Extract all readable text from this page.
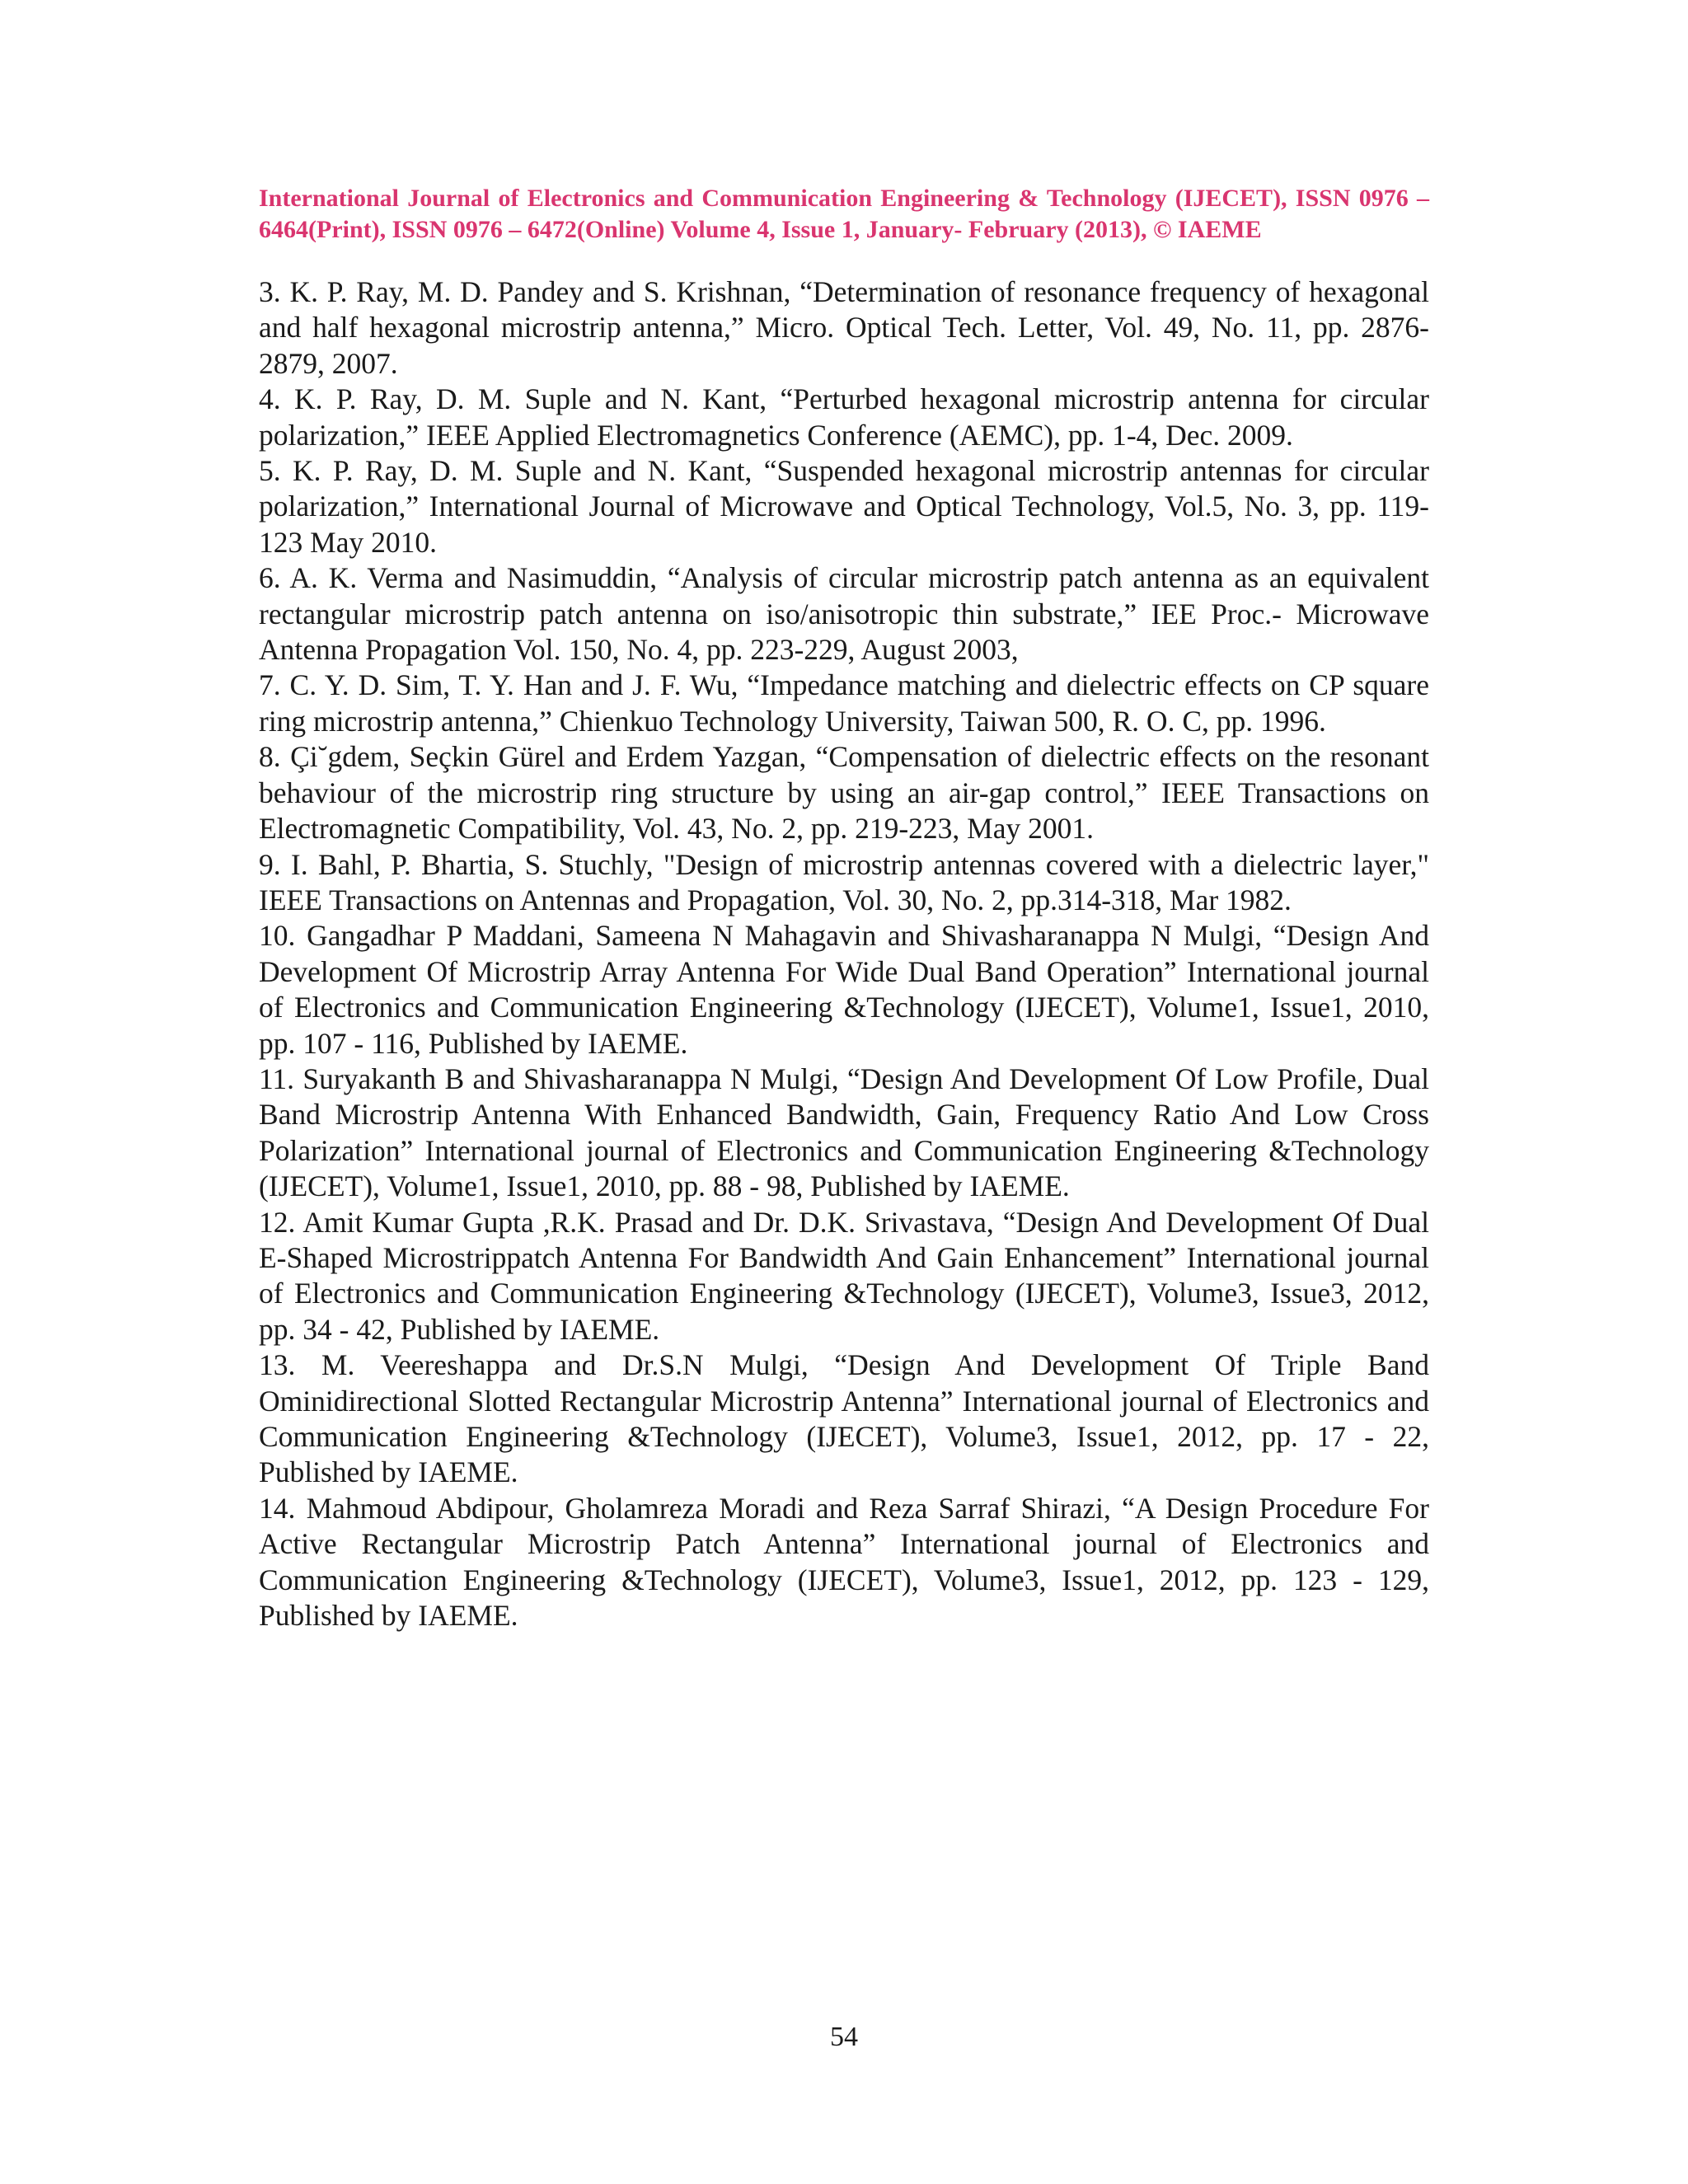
International Journal of Electronics and Communication Engineering & Technology (IJECET), ISSN 0976 – 6464(Print), ISSN 0976 – 6472(Online) Volume 4, Issue 1, January- February (2013), © IAEME
3. K. P. Ray, M. D. Pandey and S. Krishnan, “Determination of resonance frequency of hexagonal and half hexagonal microstrip antenna,” Micro. Optical Tech. Letter, Vol. 49, No. 11, pp. 2876-2879, 2007.
4. K. P. Ray, D. M. Suple and N. Kant, “Perturbed hexagonal microstrip antenna for circular polarization,” IEEE Applied Electromagnetics Conference (AEMC), pp. 1-4, Dec. 2009.
5. K. P. Ray, D. M. Suple and N. Kant, “Suspended hexagonal microstrip antennas for circular polarization,” International Journal of Microwave and Optical Technology, Vol.5, No. 3, pp. 119-123 May 2010.
6. A. K. Verma and Nasimuddin, “Analysis of circular microstrip patch antenna as an equivalent rectangular microstrip patch antenna on iso/anisotropic thin substrate,” IEE Proc.- Microwave Antenna Propagation Vol. 150, No. 4, pp. 223-229, August 2003,
7. C. Y. D. Sim, T. Y. Han and J. F. Wu, “Impedance matching and dielectric effects on CP square ring microstrip antenna,” Chienkuo Technology University, Taiwan 500, R. O. C, pp. 1996.
8. Çi˘gdem, Seçkin Gürel and Erdem Yazgan, “Compensation of dielectric effects on the resonant behaviour of the microstrip ring structure by using an air-gap control,” IEEE Transactions on Electromagnetic Compatibility, Vol. 43, No. 2, pp. 219-223, May 2001.
9. I. Bahl, P. Bhartia, S. Stuchly, "Design of microstrip antennas covered with a dielectric layer," IEEE Transactions on Antennas and Propagation, Vol. 30, No. 2, pp.314-318, Mar 1982.
10. Gangadhar P Maddani, Sameena N Mahagavin and Shivasharanappa N Mulgi, “Design And Development Of Microstrip Array Antenna For Wide Dual Band Operation” International journal of Electronics and Communication Engineering &Technology (IJECET), Volume1, Issue1, 2010, pp. 107 - 116, Published by IAEME.
11. Suryakanth B and Shivasharanappa N Mulgi, “Design And Development Of Low Profile, Dual Band Microstrip Antenna With Enhanced Bandwidth, Gain, Frequency Ratio And Low Cross Polarization” International journal of Electronics and Communication Engineering &Technology (IJECET), Volume1, Issue1, 2010, pp. 88 - 98, Published by IAEME.
12. Amit Kumar Gupta ,R.K. Prasad and Dr. D.K. Srivastava, “Design And Development Of Dual E-Shaped Microstrippatch Antenna For Bandwidth And Gain Enhancement” International journal of Electronics and Communication Engineering &Technology (IJECET), Volume3, Issue3, 2012, pp. 34 - 42, Published by IAEME.
13. M. Veereshappa and Dr.S.N Mulgi, “Design And Development Of Triple Band Ominidirectional Slotted Rectangular Microstrip Antenna” International journal of Electronics and Communication Engineering &Technology (IJECET), Volume3, Issue1, 2012, pp. 17 - 22, Published by IAEME.
14. Mahmoud Abdipour, Gholamreza Moradi and Reza Sarraf Shirazi, “A Design Procedure For Active Rectangular Microstrip Patch Antenna” International journal of Electronics and Communication Engineering &Technology (IJECET), Volume3, Issue1, 2012, pp. 123 - 129, Published by IAEME.
54
